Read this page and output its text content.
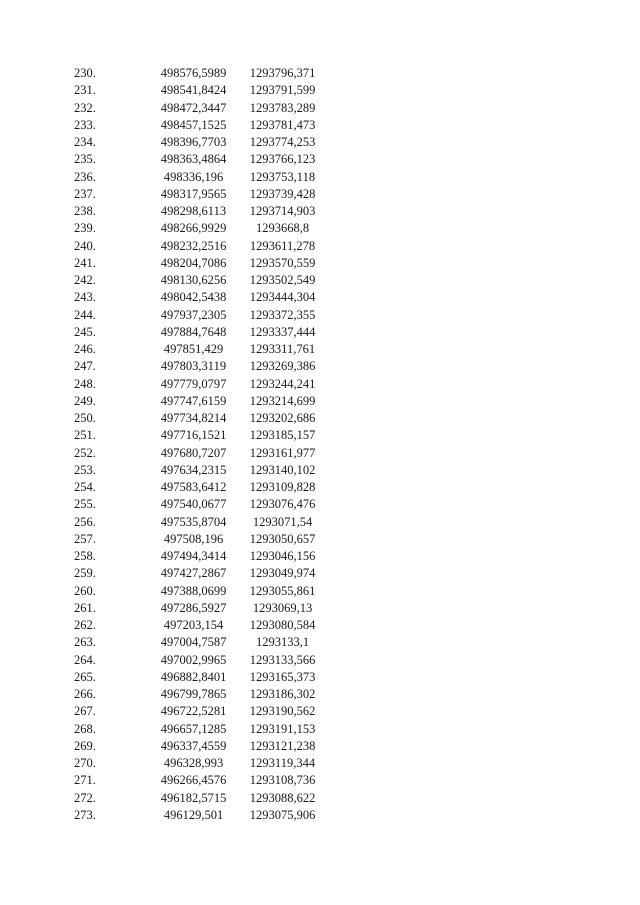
230.	498576,5989	1293796,371
231.	498541,8424	1293791,599
232.	498472,3447	1293783,289
233.	498457,1525	1293781,473
234.	498396,7703	1293774,253
235.	498363,4864	1293766,123
236.	498336,196	1293753,118
237.	498317,9565	1293739,428
238.	498298,6113	1293714,903
239.	498266,9929	1293668,8
240.	498232,2516	1293611,278
241.	498204,7086	1293570,559
242.	498130,6256	1293502,549
243.	498042,5438	1293444,304
244.	497937,2305	1293372,355
245.	497884,7648	1293337,444
246.	497851,429	1293311,761
247.	497803,3119	1293269,386
248.	497779,0797	1293244,241
249.	497747,6159	1293214,699
250.	497734,8214	1293202,686
251.	497716,1521	1293185,157
252.	497680,7207	1293161,977
253.	497634,2315	1293140,102
254.	497583,6412	1293109,828
255.	497540,0677	1293076,476
256.	497535,8704	1293071,54
257.	497508,196	1293050,657
258.	497494,3414	1293046,156
259.	497427,2867	1293049,974
260.	497388,0699	1293055,861
261.	497286,5927	1293069,13
262.	497203,154	1293080,584
263.	497004,7587	1293133,1
264.	497002,9965	1293133,566
265.	496882,8401	1293165,373
266.	496799,7865	1293186,302
267.	496722,5281	1293190,562
268.	496657,1285	1293191,153
269.	496337,4559	1293121,238
270.	496328,993	1293119,344
271.	496266,4576	1293108,736
272.	496182,5715	1293088,622
273.	496129,501	1293075,906
